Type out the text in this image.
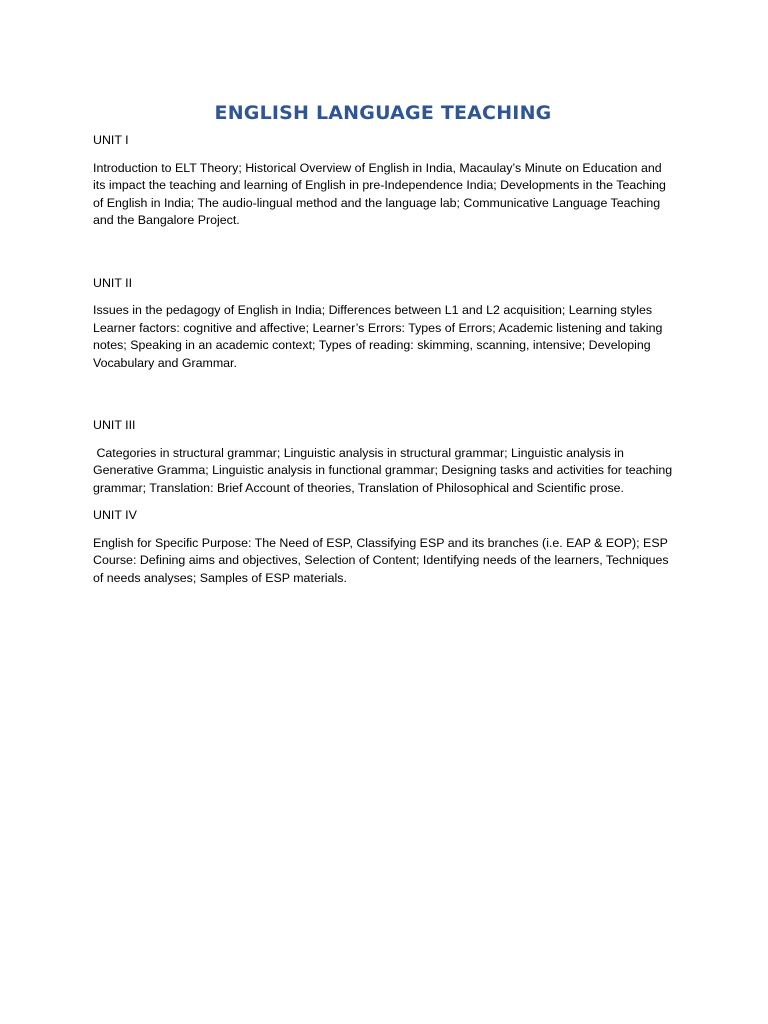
ENGLISH LANGUAGE TEACHING
UNIT I
Introduction to ELT Theory; Historical Overview of English in India, Macaulay’s Minute on Education and its impact the teaching and learning of English in pre-Independence India; Developments in the Teaching of English in India; The audio-lingual method and the language lab; Communicative Language Teaching and the Bangalore Project.
UNIT II
Issues in the pedagogy of English in India; Differences between L1 and L2 acquisition; Learning styles Learner factors: cognitive and affective; Learner’s Errors: Types of Errors; Academic listening and taking notes; Speaking in an academic context; Types of reading: skimming, scanning, intensive; Developing Vocabulary and Grammar.
UNIT III
Categories in structural grammar; Linguistic analysis in structural grammar; Linguistic analysis in Generative Gramma; Linguistic analysis in functional grammar; Designing tasks and activities for teaching grammar; Translation: Brief Account of theories, Translation of Philosophical and Scientific prose.
UNIT IV
English for Specific Purpose: The Need of ESP, Classifying ESP and its branches (i.e. EAP & EOP); ESP Course: Defining aims and objectives, Selection of Content; Identifying needs of the learners, Techniques of needs analyses; Samples of ESP materials.
